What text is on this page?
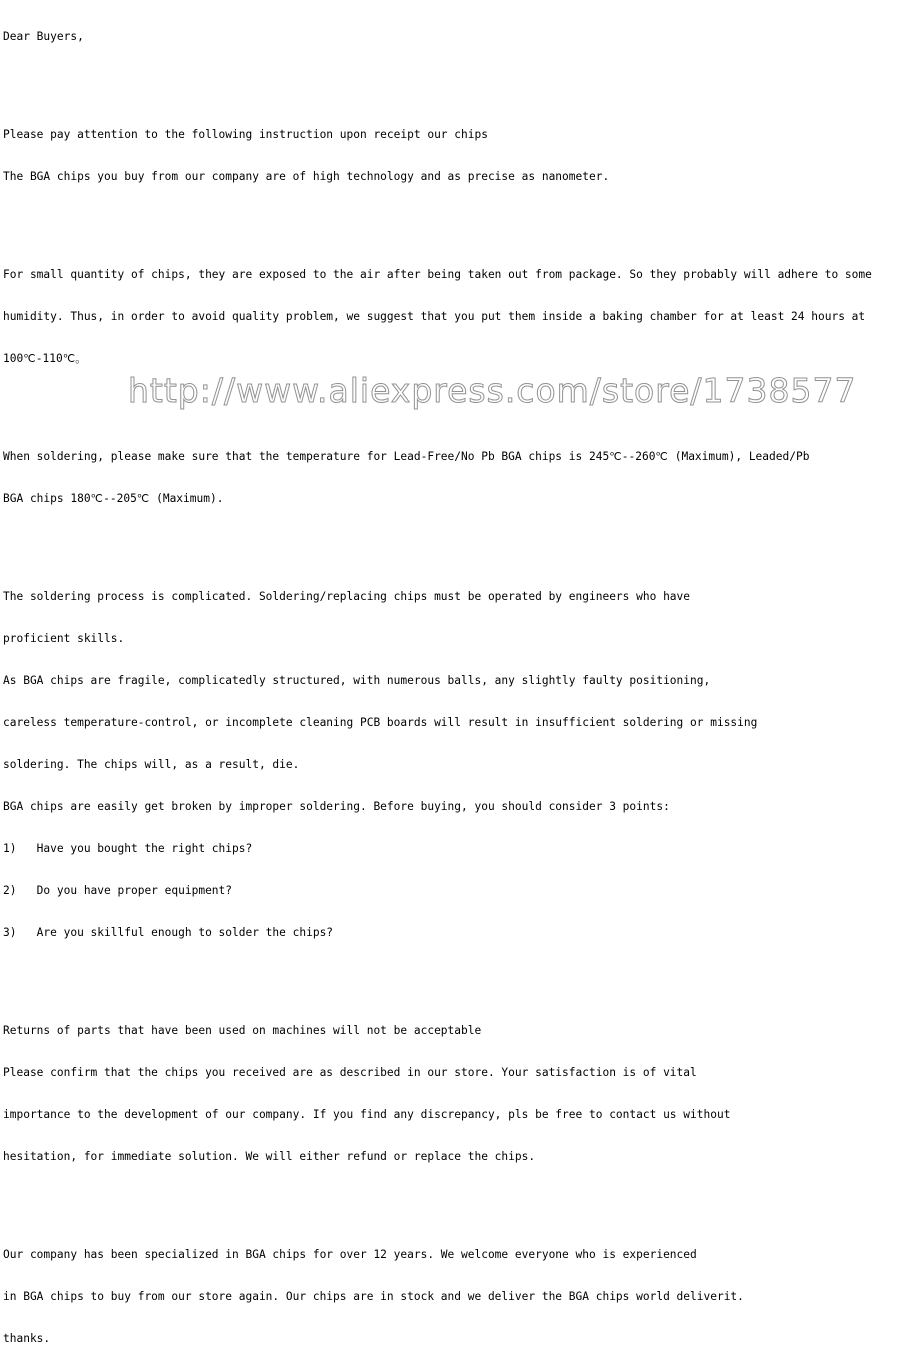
Dear Buyers,

Please pay attention to the following instruction upon receipt our chips

The BGA chips you buy from our company are of high technology and as precise as nanometer.

For small quantity of chips, they are exposed to the air after being taken out from package. So they probably will adhere to some

humidity. Thus, in order to avoid quality problem, we suggest that you put them inside a baking chamber for at least 24 hours at

100℃-110℃。

When soldering, please make sure that the temperature for Lead-Free/No Pb BGA chips is 245℃--260℃ (Maximum), Leaded/Pb

BGA chips 180℃--205℃ (Maximum).

The soldering process is complicated. Soldering/replacing chips must be operated by engineers who have

proficient skills.

As BGA chips are fragile, complicatedly structured, with numerous balls, any slightly faulty positioning,

careless temperature-control, or incomplete cleaning PCB boards will result in insufficient soldering or missing

soldering. The chips will, as a result, die.

BGA chips are easily get broken by improper soldering. Before buying, you should consider 3 points:

1)   Have you bought the right chips?

2)   Do you have proper equipment?

3)   Are you skillful enough to solder the chips?

Returns of parts that have been used on machines will not be acceptable

Please confirm that the chips you received are as described in our store. Your satisfaction is of vital

importance to the development of our company. If you find any discrepancy, pls be free to contact us without

hesitation, for immediate solution. We will either refund or replace the chips.

Our company has been specialized in BGA chips for over 12 years. We welcome everyone who is experienced

in BGA chips to buy from our store again. Our chips are in stock and we deliver the BGA chips world deliverit.

thanks.

http://www.aliexpress.com/store/1738577
